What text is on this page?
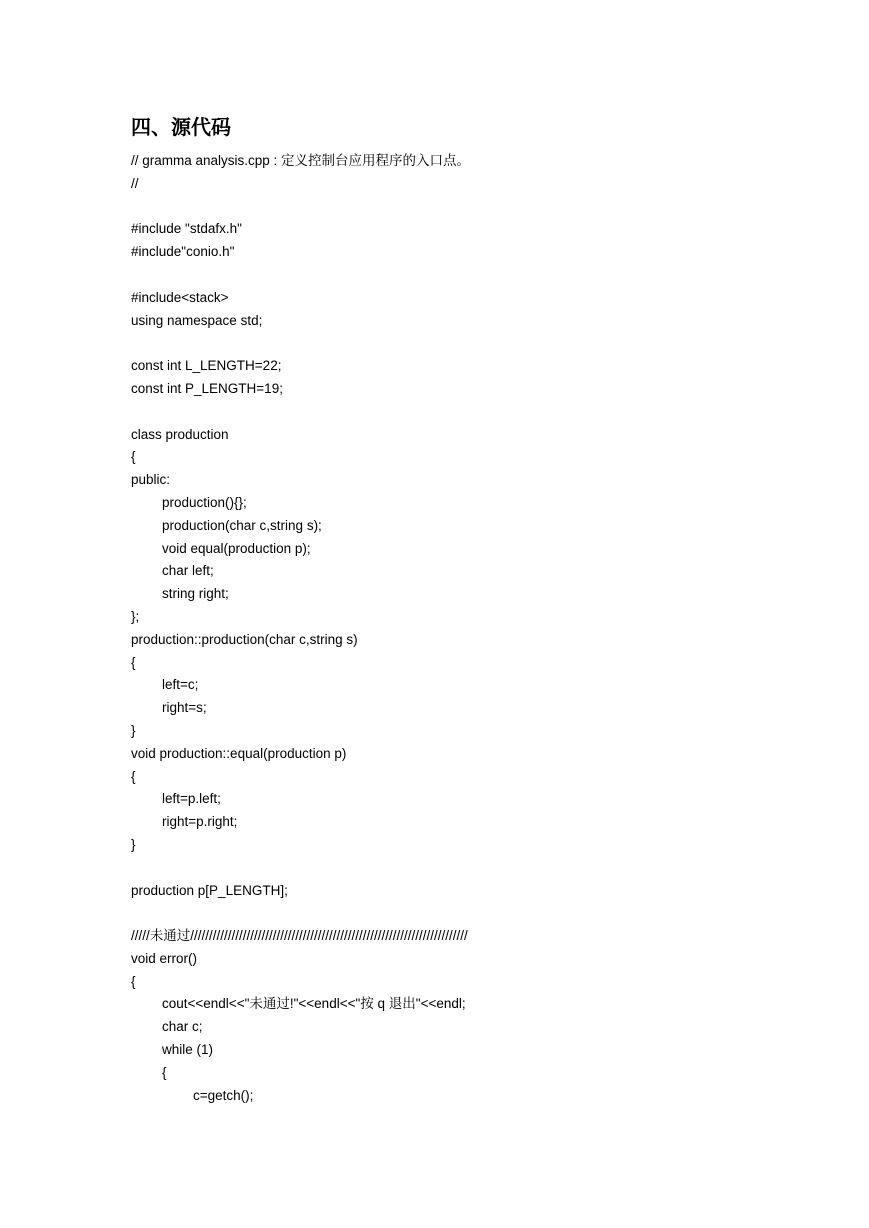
四、源代码
// gramma analysis.cpp : 定义控制台应用程序的入口点。
//
#include "stdafx.h"
#include"conio.h"
#include<stack>
using namespace std;
const int L_LENGTH=22;
const int P_LENGTH=19;
class production
{
public:
production(){};
production(char c,string s);
void equal(production p);
char left;
string right;
};
production::production(char c,string s)
{
left=c;
right=s;
}
void production::equal(production p)
{
left=p.left;
right=p.right;
}
production p[P_LENGTH];
/////未通过//////////////////////////////////////////////////////////////////////////
void error()
{
cout<<endl<<"未通过!"<<endl<<"按 q 退出"<<endl;
char c;
while (1)
{
c=getch();
